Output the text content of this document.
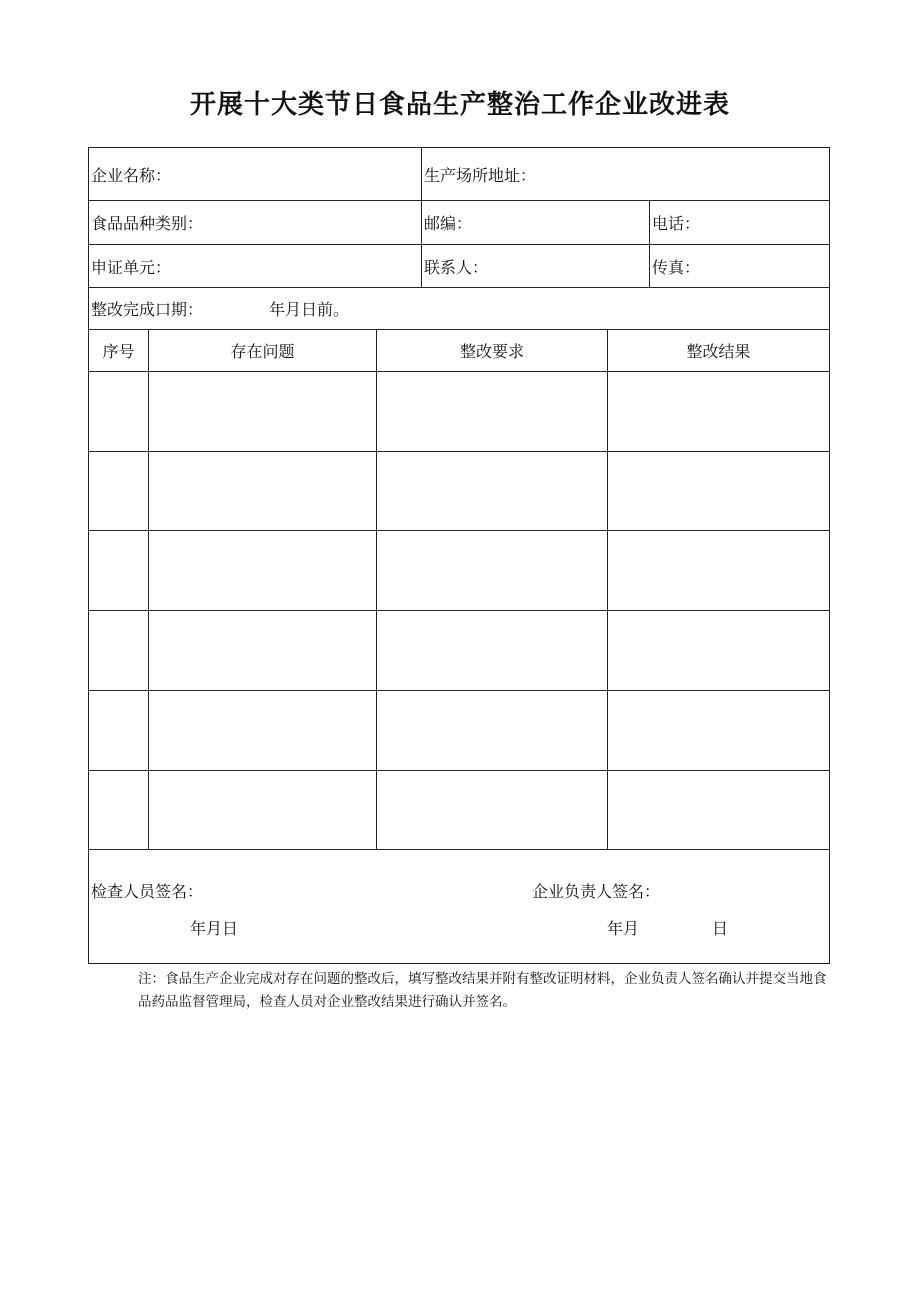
开展十大类节日食品生产整治工作企业改进表
企业名称：	生产场所地址：
食品品种类别：	邮编：	电话：
申证单元：	联系人：	传真：
整改完成口期：	年月日前。
序号	存在问题	整改要求	整改结果
检查人员签名：
年月日
企业负责人签名：
年月	日
注：食品生产企业完成对存在问题的整改后，填写整改结果并附有整改证明材料，企业负责人签名确认并提交当地食品药品监督管理局，检查人员对企业整改结果进行确认并签名。
